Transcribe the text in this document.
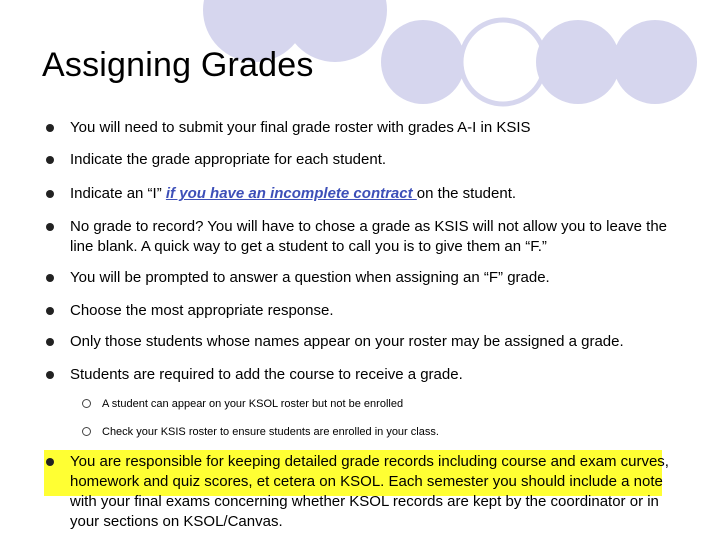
Assigning Grades
You will need to submit your final grade roster with grades A-I in KSIS
Indicate the grade appropriate for each student.
Indicate an “I” if you have an incomplete contract on the student.
No grade to record? You will have to chose a grade as KSIS will not allow you to leave the line blank. A quick way to get a student to call you is to give them an “F.”
You will be prompted to answer a question when assigning an “F” grade.
Choose the most appropriate response.
Only those students whose names appear on your roster may be assigned a grade.
Students are required to add the course to receive a grade.
A student can appear on your KSOL roster but not be enrolled
Check your KSIS roster to ensure students are enrolled in your class.
You are responsible for keeping detailed grade records including course and exam curves, homework and quiz scores, et cetera on KSOL. Each semester you should include a note with your final exams concerning whether KSOL records are kept by the coordinator or in your sections on KSOL/Canvas.
